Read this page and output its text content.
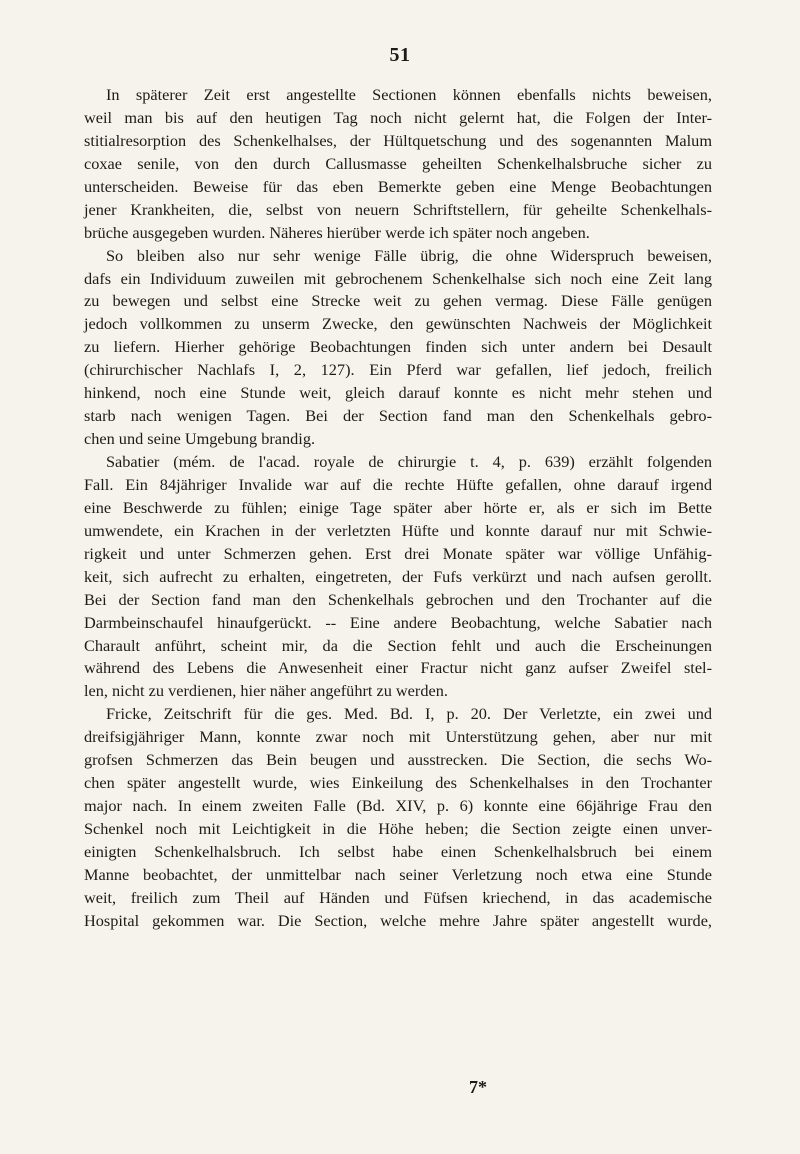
51
In späterer Zeit erst angestellte Sectionen können ebenfalls nichts beweisen,
weil man bis auf den heutigen Tag noch nicht gelernt hat, die Folgen der Inter-
stitialresorption des Schenkelhalses, der Hültquetschung und des sogenannten Malum
coxae senile, von den durch Callusmasse geheilten Schenkelhalsbruche sicher zu
unterscheiden. Beweise für das eben Bemerkte geben eine Menge Beobachtungen
jener Krankheiten, die, selbst von neuern Schriftstellern, für geheilte Schenkelhals-
brüche ausgegeben wurden. Näheres hierüber werde ich später noch angeben.
So bleiben also nur sehr wenige Fälle übrig, die ohne Widerspruch beweisen,
dafs ein Individuum zuweilen mit gebrochenem Schenkelhalse sich noch eine Zeit lang
zu bewegen und selbst eine Strecke weit zu gehen vermag. Diese Fälle genügen
jedoch vollkommen zu unserm Zwecke, den gewünschten Nachweis der Möglichkeit
zu liefern. Hierher gehörige Beobachtungen finden sich unter andern bei Desault
(chirurchischer Nachlafs I, 2, 127). Ein Pferd war gefallen, lief jedoch, freilich
hinkend, noch eine Stunde weit, gleich darauf konnte es nicht mehr stehen und
starb nach wenigen Tagen. Bei der Section fand man den Schenkelhals gebro-
chen und seine Umgebung brandig.
Sabatier (mém. de l'acad. royale de chirurgie t. 4, p. 639) erzählt folgenden
Fall. Ein 84jähriger Invalide war auf die rechte Hüfte gefallen, ohne darauf irgend
eine Beschwerde zu fühlen; einige Tage später aber hörte er, als er sich im Bette
umwendete, ein Krachen in der verletzten Hüfte und konnte darauf nur mit Schwie-
rigkeit und unter Schmerzen gehen. Erst drei Monate später war völlige Unfähig-
keit, sich aufrecht zu erhalten, eingetreten, der Fufs verkürzt und nach aufsen gerollt.
Bei der Section fand man den Schenkelhals gebrochen und den Trochanter auf die
Darmbeinschaufel hinaufgerückt. -- Eine andere Beobachtung, welche Sabatier nach
Charault anführt, scheint mir, da die Section fehlt und auch die Erscheinungen
während des Lebens die Anwesenheit einer Fractur nicht ganz aufser Zweifel stel-
len, nicht zu verdienen, hier näher angeführt zu werden.
Fricke, Zeitschrift für die ges. Med. Bd. I, p. 20. Der Verletzte, ein zwei und
dreifsigjähriger Mann, konnte zwar noch mit Unterstützung gehen, aber nur mit
grofsen Schmerzen das Bein beugen und ausstrecken. Die Section, die sechs Wo-
chen später angestellt wurde, wies Einkeilung des Schenkelhalses in den Trochanter
major nach. In einem zweiten Falle (Bd. XIV, p. 6) konnte eine 66jährige Frau den
Schenkel noch mit Leichtigkeit in die Höhe heben; die Section zeigte einen unver-
einigten Schenkelhalsbruch. Ich selbst habe einen Schenkelhalsbruch bei einem
Manne beobachtet, der unmittelbar nach seiner Verletzung noch etwa eine Stunde
weit, freilich zum Theil auf Händen und Füfsen kriechend, in das academische
Hospital gekommen war. Die Section, welche mehre Jahre später angestellt wurde,
7*
